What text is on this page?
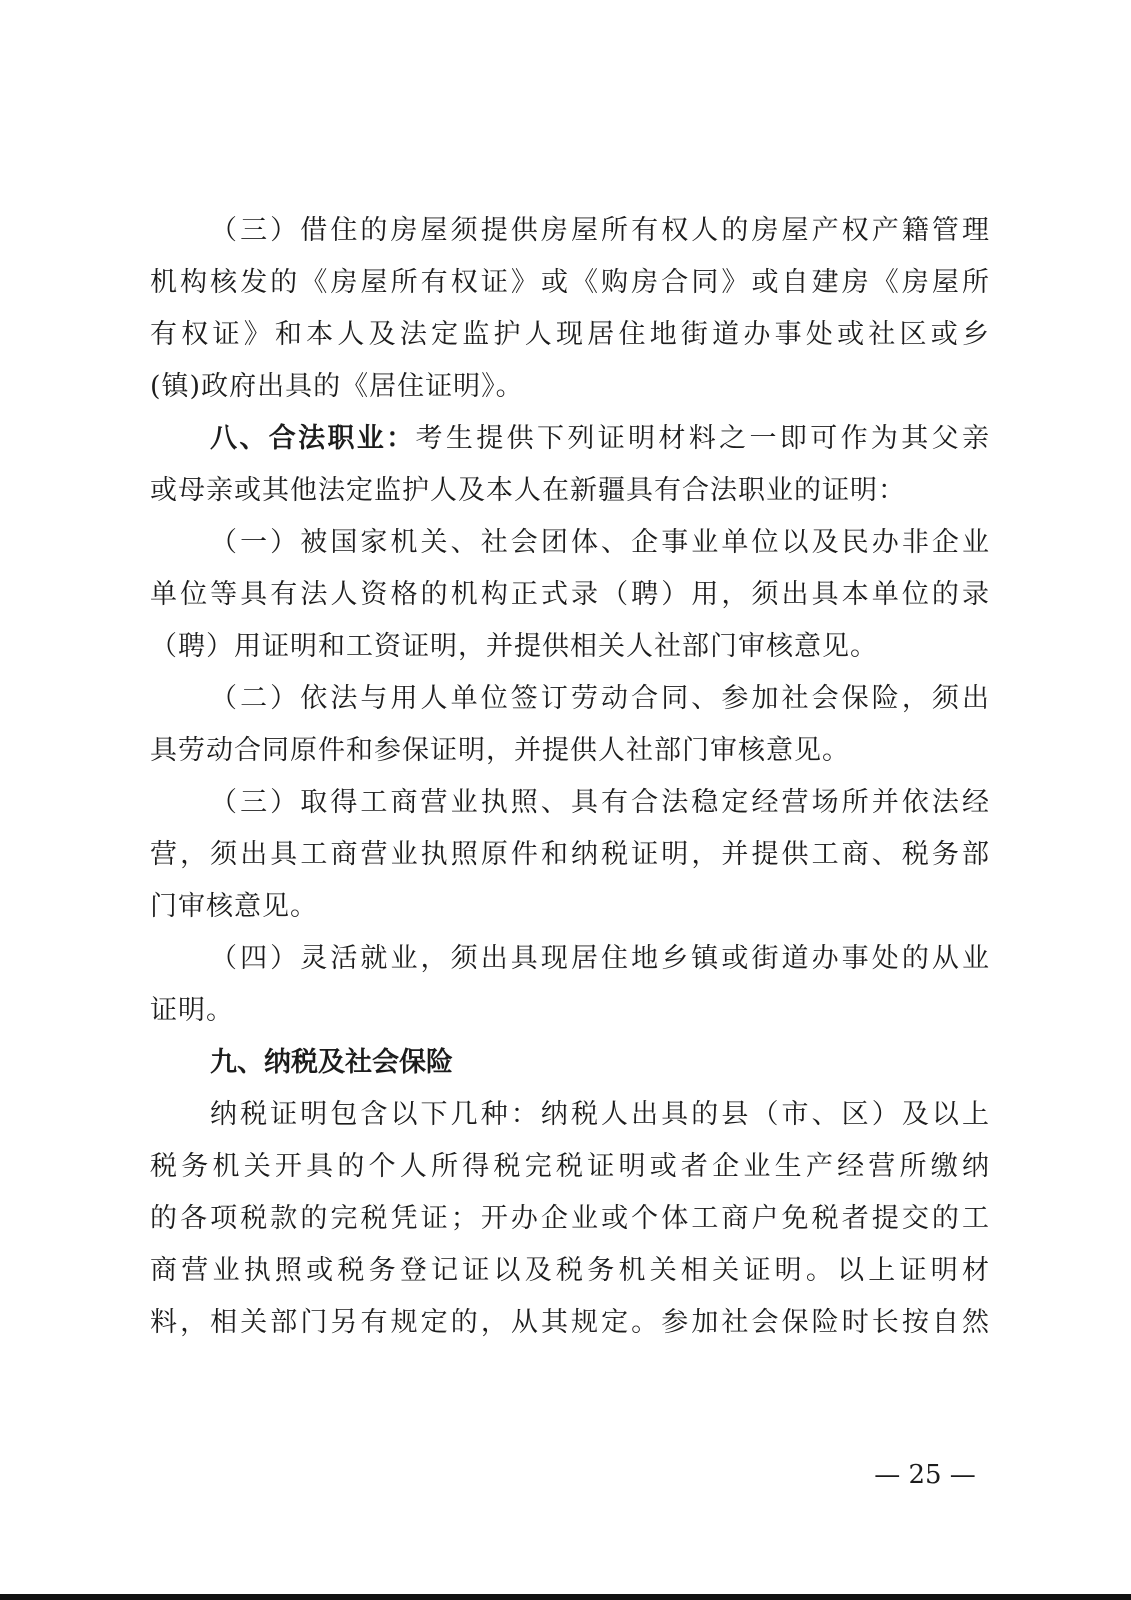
（三）借住的房屋须提供房屋所有权人的房屋产权产籍管理
机构核发的《房屋所有权证》或《购房合同》或自建房《房屋所
有权证》和本人及法定监护人现居住地街道办事处或社区或乡
(镇)政府出具的《居住证明》。
八、合法职业：考生提供下列证明材料之一即可作为其父亲
或母亲或其他法定监护人及本人在新疆具有合法职业的证明：
（一）被国家机关、社会团体、企事业单位以及民办非企业
单位等具有法人资格的机构正式录（聘）用，须出具本单位的录
（聘）用证明和工资证明，并提供相关人社部门审核意见。
（二）依法与用人单位签订劳动合同、参加社会保险，须出
具劳动合同原件和参保证明，并提供人社部门审核意见。
（三）取得工商营业执照、具有合法稳定经营场所并依法经
营，须出具工商营业执照原件和纳税证明，并提供工商、税务部
门审核意见。
（四）灵活就业，须出具现居住地乡镇或街道办事处的从业
证明。
九、纳税及社会保险
纳税证明包含以下几种：纳税人出具的县（市、区）及以上
税务机关开具的个人所得税完税证明或者企业生产经营所缴纳
的各项税款的完税凭证；开办企业或个体工商户免税者提交的工
商营业执照或税务登记证以及税务机关相关证明。以上证明材
料，相关部门另有规定的，从其规定。参加社会保险时长按自然
— 25 —
